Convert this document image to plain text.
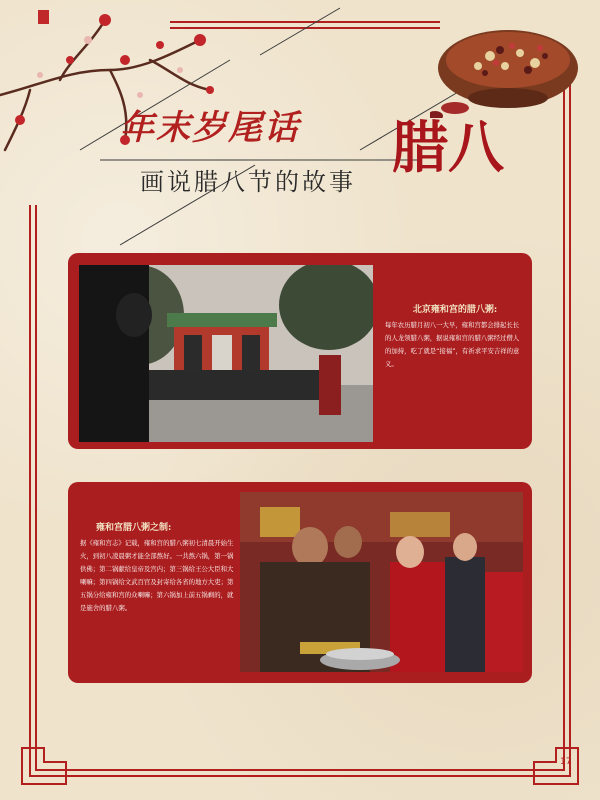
年末岁尾话	腊八
画说腊八节的故事
北京雍和宫的腊八粥:
每年农历腊月初八一大早，雍和宫都会排起长长的人龙领腊八粥，据说雍和宫的腊八粥经过僧人的加持，吃了就是“接福”，有祈求平安吉祥的意义。
雍和宫腊八粥之制:
据《雍和宫志》记载，雍和宫的腊八粥初七清晨开始生火，到初八凌晨粥才能全部熬好。一共熬六锅，第一锅供佛；第二锅献给皇帝及宫内；第三锅给王公大臣和大喇嘛；第四锅给文武百官及封寄给各省的地方大吏；第五锅分给雍和宫的众喇嘛；第六锅加上前五锅剩的，就是施舍的腊八粥。
17
